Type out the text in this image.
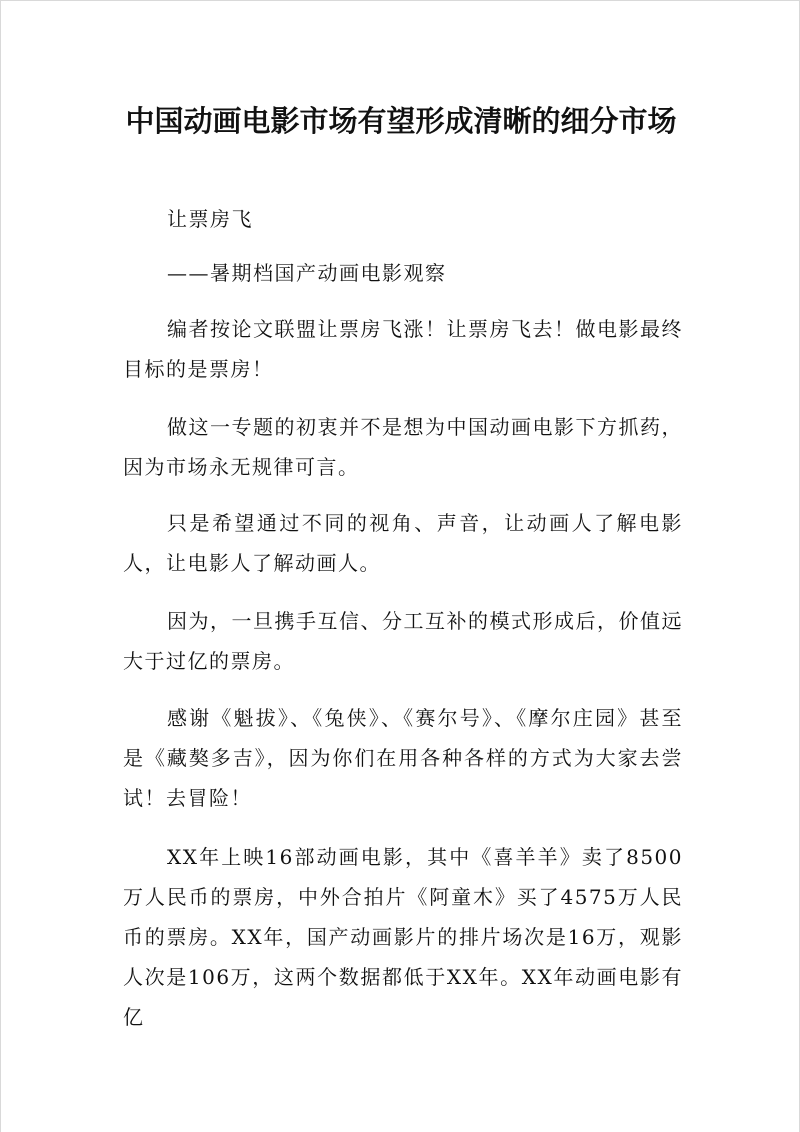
中国动画电影市场有望形成清晰的细分市场

让票房飞

——暑期档国产动画电影观察

编者按论文联盟让票房飞涨！让票房飞去！做电影最终目标的是票房！

做这一专题的初衷并不是想为中国动画电影下方抓药，因为市场永无规律可言。

只是希望通过不同的视角、声音，让动画人了解电影人，让电影人了解动画人。

因为，一旦携手互信、分工互补的模式形成后，价值远大于过亿的票房。

感谢《魁拔》、《兔侠》、《赛尔号》、《摩尔庄园》甚至是《藏獒多吉》，因为你们在用各种各样的方式为大家去尝试！去冒险！

XX年上映16部动画电影，其中《喜羊羊》卖了8500万人民币的票房，中外合拍片《阿童木》买了4575万人民币的票房。XX年，国产动画影片的排片场次是16万，观影人次是106万，这两个数据都低于XX年。XX年动画电影有亿
